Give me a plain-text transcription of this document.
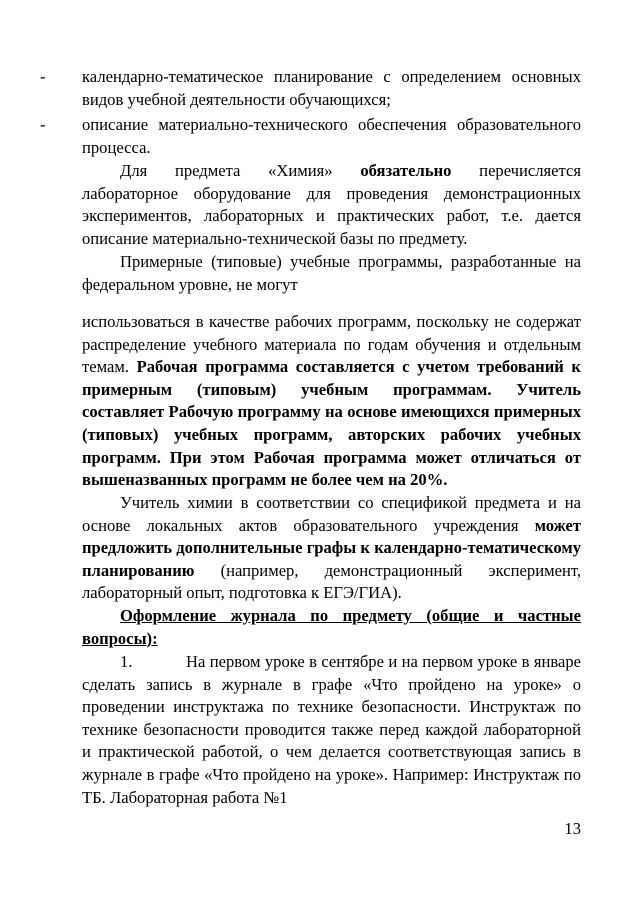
-	календарно-тематическое планирование с определением основных видов учебной деятельности обучающихся;
-	описание материально-технического обеспечения образовательного процесса.
Для предмета «Химия» обязательно перечисляется лабораторное оборудование для проведения демонстрационных экспериментов, лабораторных и практических работ, т.е. дается описание материально-технической базы по предмету.
Примерные (типовые) учебные программы, разработанные на федеральном уровне, не могут
использоваться в качестве рабочих программ, поскольку не содержат распределение учебного материала по годам обучения и отдельным темам. Рабочая программа составляется с учетом требований к примерным (типовым) учебным программам. Учитель составляет Рабочую программу на основе имеющихся примерных (типовых) учебных программ, авторских рабочих учебных программ. При этом Рабочая программа может отличаться от вышеназванных программ не более чем на 20%.
Учитель химии в соответствии со спецификой предмета и на основе локальных актов образовательного учреждения может предложить дополнительные графы к календарно-тематическому планированию (например, демонстрационный эксперимент, лабораторный опыт, подготовка к ЕГЭ/ГИА).
Оформление журнала по предмету (общие и частные вопросы):
1.	На первом уроке в сентябре и на первом уроке в январе сделать запись в журнале в графе «Что пройдено на уроке» о проведении инструктажа по технике безопасности. Инструктаж по технике безопасности проводится также перед каждой лабораторной и практической работой, о чем делается соответствующая запись в журнале в графе «Что пройдено на уроке». Например: Инструктаж по ТБ. Лабораторная работа №1
13
